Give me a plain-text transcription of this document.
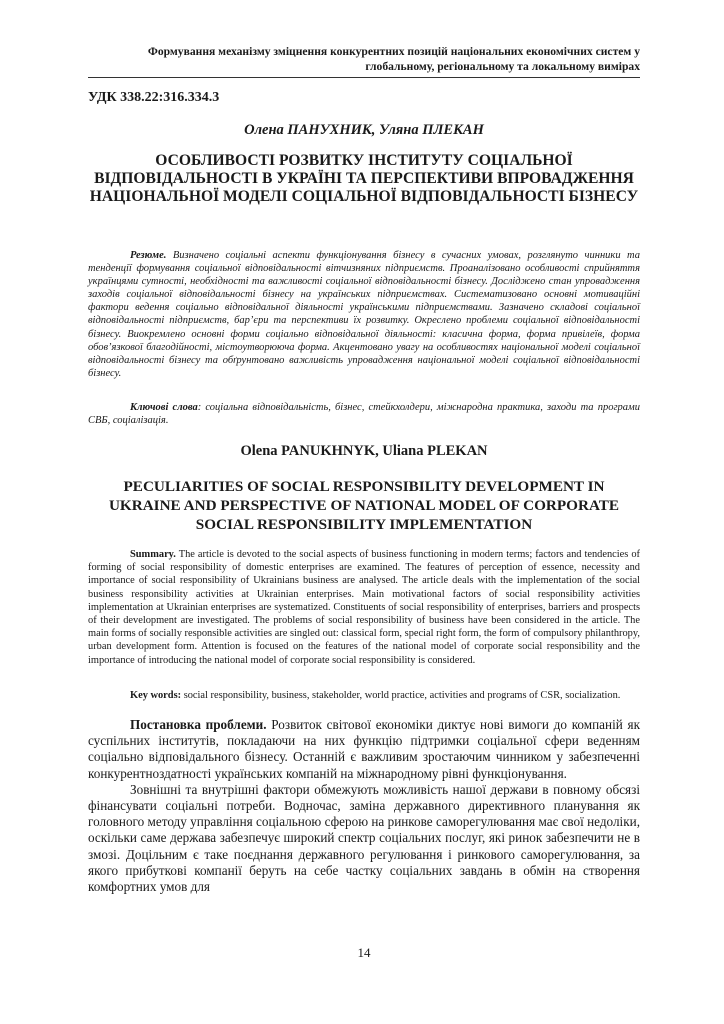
Формування механізму зміцнення конкурентних позицій національних економічних систем у глобальному, регіональному та локальному вимірах
УДК 338.22:316.334.3
Олена ПАНУХНИК, Уляна ПЛЕКАН
ОСОБЛИВОСТІ РОЗВИТКУ ІНСТИТУТУ СОЦІАЛЬНОЇ ВІДПОВІДАЛЬНОСТІ В УКРАЇНІ ТА ПЕРСПЕКТИВИ ВПРОВАДЖЕННЯ НАЦІОНАЛЬНОЇ МОДЕЛІ СОЦІАЛЬНОЇ ВІДПОВІДАЛЬНОСТІ БІЗНЕСУ
Резюме. Визначено соціальні аспекти функціонування бізнесу в сучасних умовах, розглянуто чинники та тенденції формування соціальної відповідальності вітчизняних підприємств. Проаналізовано особливості сприйняття українцями сутності, необхідності та важливості соціальної відповідальності бізнесу. Досліджено стан упровадження заходів соціальної відповідальності бізнесу на українських підприємствах. Систематизовано основні мотиваційні фактори ведення соціально відповідальної діяльності українськими підприємствами. Зазначено складові соціальної відповідальності підприємств, бар’єри та перспективи їх розвитку. Окреслено проблеми соціальної відповідальності бізнесу. Виокремлено основні форми соціально відповідальної діяльності: класична форма, форма привілеїв, форма обов’язкової благодійності, містоутворююча форма. Акцентовано увагу на особливостях національної моделі соціальної відповідальності бізнесу та обґрунтовано важливість упровадження національної моделі соціальної відповідальності бізнесу.
Ключові слова: соціальна відповідальність, бізнес, стейкхолдери, міжнародна практика, заходи та програми СВБ, соціалізація.
Olena PANUKHNYK, Uliana PLEKAN
PECULIARITIES OF SOCIAL RESPONSIBILITY DEVELOPMENT IN UKRAINE AND PERSPECTIVE OF NATIONAL MODEL OF CORPORATE SOCIAL RESPONSIBILITY IMPLEMENTATION
Summary. The article is devoted to the social aspects of business functioning in modern terms; factors and tendencies of forming of social responsibility of domestic enterprises are examined. The features of perception of essence, necessity and importance of social responsibility of Ukrainians business are analysed. The article deals with the implementation of the social business responsibility activities at Ukrainian enterprises. Main motivational factors of social responsibility activities implementation at Ukrainian enterprises are systematized. Constituents of social responsibility of enterprises, barriers and prospects of their development are investigated. The problems of social responsibility of business have been considered in the article. The main forms of socially responsible activities are singled out: classical form, special right form, the form of compulsory philanthropy, urban development form. Attention is focused on the features of the national model of corporate social responsibility and the importance of introducing the national model of corporate social responsibility is considered.
Key words: social responsibility, business, stakeholder, world practice, activities and programs of CSR, socialization.

Постановка проблеми. Розвиток світової економіки диктує нові вимоги до компаній як суспільних інститутів, покладаючи на них функцію підтримки соціальної сфери веденням соціально відповідального бізнесу. Останній є важливим зростаючим чинником у забезпеченні конкурентноздатності українських компаній на міжнародному рівні функціонування.

Зовнішні та внутрішні фактори обмежують можливість нашої держави в повному обсязі фінансувати соціальні потреби. Водночас, заміна державного директивного планування як головного методу управління соціальною сферою на ринкове саморегулювання має свої недоліки, оскільки саме держава забезпечує широкий спектр соціальних послуг, які ринок забезпечити не в змозі. Доцільним є таке поєднання державного регулювання і ринкового саморегулювання, за якого прибуткові компанії беруть на себе частку соціальних завдань в обмін на створення комфортних умов для

14
